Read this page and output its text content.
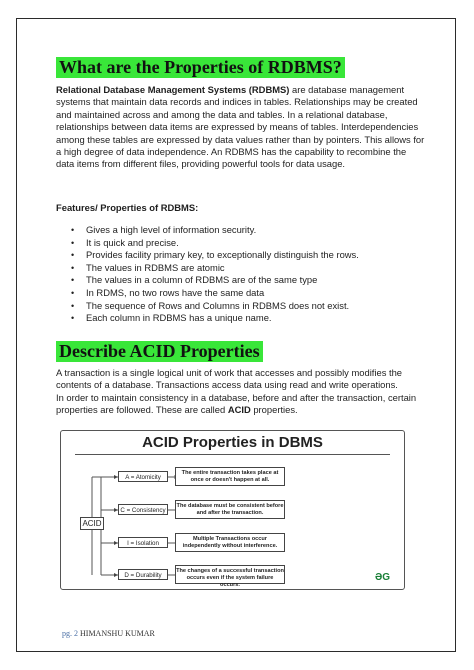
What are the Properties of RDBMS?

Relational Database Management Systems (RDBMS) are database management systems that maintain data records and indices in tables. Relationships may be created and maintained across and among the data and tables. In a relational database, relationships between data items are expressed by means of tables. Interdependencies among these tables are expressed by data values rather than by pointers. This allows for a high degree of data independence. An RDBMS has the capability to recombine the data items from different files, providing powerful tools for data usage.

Features/ Properties of RDBMS:

• Gives a high level of information security.
• It is quick and precise.
• Provides facility primary key, to exceptionally distinguish the rows.
• The values in RDBMS are atomic
• The values in a column of RDBMS are of the same type
• In RDMS, no two rows have the same data
• The sequence of Rows and Columns in RDBMS does not exist.
• Each column in RDBMS has a unique name.
Describe ACID Properties

A transaction is a single logical unit of work that accesses and possibly modifies the contents of a database. Transactions access data using read and write operations.
In order to maintain consistency in a database, before and after the transaction, certain properties are followed. These are called ACID properties.

ACID Properties in DBMS
ACID
A = Atomicity
C = Consistency
I = Isolation
D = Durability
The entire transaction takes place at once or doesn't happen at all.
The database must be consistent before and after the transaction.
Multiple Transactions occur independently without interference.
The changes of a successful transaction occurs even if the system failure occurs.
ƏG
pg. 2 HIMANSHU KUMAR
